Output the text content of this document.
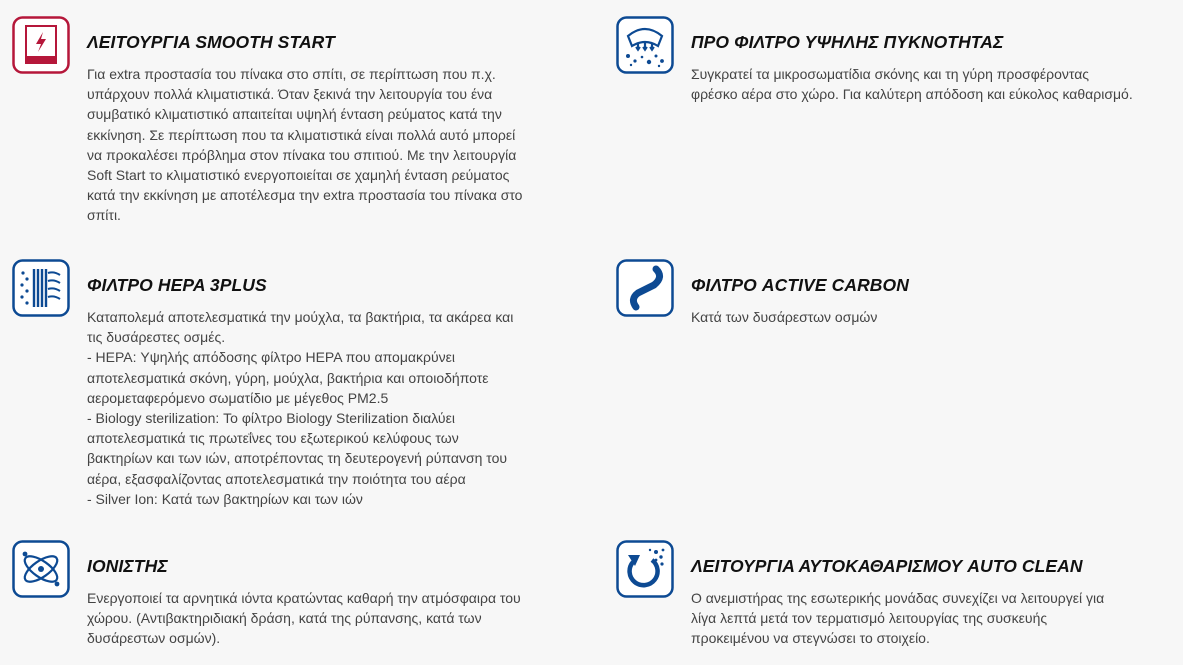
ΛΕΙΤΟΥΡΓΙΑ SMOOTH START

Για extra προστασία του πίνακα στο σπίτι, σε περίπτωση που π.χ.
υπάρχουν πολλά κλιματιστικά. Όταν ξεκινά την λειτουργία του ένα
συμβατικό κλιματιστικό απαιτείται υψηλή ένταση ρεύματος κατά την
εκκίνηση. Σε περίπτωση που τα κλιματιστικά είναι πολλά αυτό μπορεί
να προκαλέσει πρόβλημα στον πίνακα του σπιτιού. Με την λειτουργία
Soft Start το κλιματιστικό ενεργοποιείται σε χαμηλή ένταση ρεύματος
κατά την εκκίνηση με αποτέλεσμα την extra προστασία του πίνακα στο
σπίτι.

ΠΡΟ ΦΙΛΤΡΟ ΥΨΗΛΗΣ ΠΥΚΝΟΤΗΤΑΣ

Συγκρατεί τα μικροσωματίδια σκόνης και τη γύρη προσφέροντας
φρέσκο αέρα στο χώρο. Για καλύτερη απόδοση και εύκολος καθαρισμό.

ΦΙΛΤΡΟ HEPA 3PLUS

Καταπολεμά αποτελεσματικά την μούχλα, τα βακτήρια, τα ακάρεα και
τις δυσάρεστες οσμές.
- HEPA: Υψηλής απόδοσης φίλτρο HEPA που απομακρύνει
αποτελεσματικά σκόνη, γύρη, μούχλα, βακτήρια και οποιοδήποτε
αερομεταφερόμενο σωματίδιο με μέγεθος PM2.5
- Biology sterilization: Το φίλτρο Biology Sterilization διαλύει
αποτελεσματικά τις πρωτεΐνες του εξωτερικού κελύφους των
βακτηρίων και των ιών, αποτρέποντας τη δευτερογενή ρύπανση του
αέρα, εξασφαλίζοντας αποτελεσματικά την ποιότητα του αέρα
- Silver Ion: Κατά των βακτηρίων και των ιών

ΦΙΛΤΡΟ ACTIVE CARBON

Κατά των δυσάρεστων οσμών

ΙΟΝΙΣΤΗΣ

Ενεργοποιεί τα αρνητικά ιόντα κρατώντας καθαρή την ατμόσφαιρα του
χώρου. (Αντιβακτηριδιακή δράση, κατά της ρύπανσης, κατά των
δυσάρεστων οσμών).

ΛΕΙΤΟΥΡΓΙΑ ΑΥΤΟΚΑΘΑΡΙΣΜΟΥ AUTO CLEAN

Ο ανεμιστήρας της εσωτερικής μονάδας συνεχίζει να λειτουργεί για
λίγα λεπτά μετά τον τερματισμό λειτουργίας της συσκευής
προκειμένου να στεγνώσει το στοιχείο.
